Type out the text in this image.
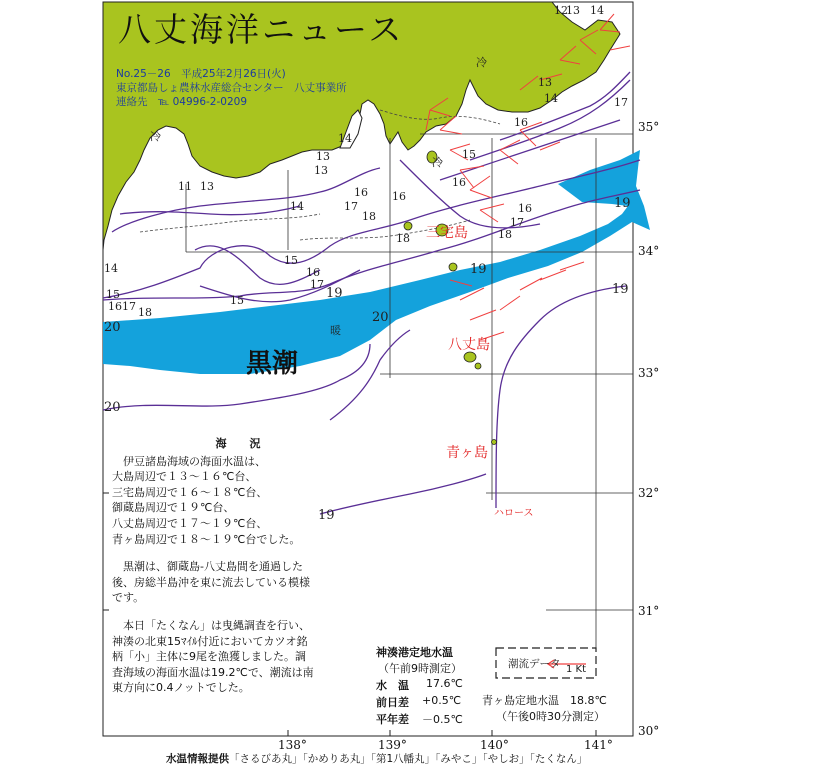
八丈海洋ニュース
No.25－26　平成25年2月26日(火)
東京都島しょ農林水産総合センター　八丈事業所
連絡先　℡ 04996-2-0209
35°
34°
33°
32°
31°
30°
138°	139°	140°	141°
黒潮
冷
冷
冷
暖
三宅島
八丈島
青ヶ島
ハロース
20
20
20
19
19
19
19
19
16 17 18
15
14
15
15
16
17
14
13
13
14
17
16
18
18	18
17
16
16
13
14	17
12
13 14
11 13
15
16
16
潮流データ 1 Kt

海　況

伊豆諸島海域の海面水温は、

大島周辺で１３～１６℃台、

三宅島周辺で１６～１８℃台、

御蔵島周辺で１９℃台、

八丈島周辺で１７～１９℃台、

青ヶ島周辺で１８～１９℃台でした。

黒潮は、御蔵島-八丈島間を通過した

後、房総半島沖を東に流去している模様

です。

本日「たくなん」は曳縄調査を行い、

神湊の北東15ﾏｲﾙ付近においてカツオ銘

柄「小」主体に9尾を漁獲しました。調

査海域の海面水温は19.2℃で、潮流は南

東方向に0.4ノットでした。

神湊港定地水温
（午前9時測定）
水　温 17.6℃
前日差 +0.5℃
平年差 －0.5℃
青ヶ島定地水温　18.8℃
（午後0時30分測定）
水温情報提供「さるびあ丸」「かめりあ丸」「第1八幡丸」「みやこ」「やしお」「たくなん」
